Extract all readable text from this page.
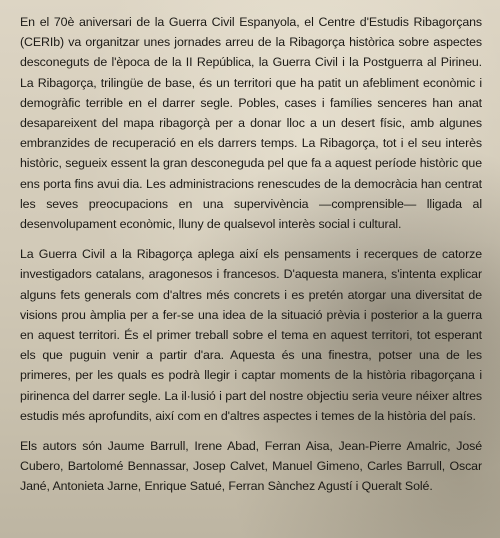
En el 70è aniversari de la Guerra Civil Espanyola, el Centre d'Estudis Ribagorçans (CERIb) va organitzar unes jornades arreu de la Ribagorça històrica sobre aspectes desconeguts de l'època de la II República, la Guerra Civil i la Postguerra al Pirineu. La Ribagorça, trilingüe de base, és un territori que ha patit un afebliment econòmic i demogràfic terrible en el darrer segle. Pobles, cases i famílies senceres han anat desapareixent del mapa ribagorçà per a donar lloc a un desert físic, amb algunes embranzides de recuperació en els darrers temps. La Ribagorça, tot i el seu interès històric, segueix essent la gran desconeguda pel que fa a aquest període històric que ens porta fins avui dia. Les administracions renescudes de la democràcia han centrat les seves preocupacions en una supervivència —comprensible— lligada al desenvolupament econòmic, lluny de qualsevol interès social i cultural.

La Guerra Civil a la Ribagorça aplega així els pensaments i recerques de catorze investigadors catalans, aragonesos i francesos. D'aquesta manera, s'intenta explicar alguns fets generals com d'altres més concrets i es pretén atorgar una diversitat de visions prou àmplia per a fer-se una idea de la situació prèvia i posterior a la guerra en aquest territori. És el primer treball sobre el tema en aquest territori, tot esperant els que puguin venir a partir d'ara. Aquesta és una finestra, potser una de les primeres, per les quals es podrà llegir i captar moments de la història ribagorçana i pirinenca del darrer segle. La il·lusió i part del nostre objectiu seria veure néixer altres estudis més aprofundits, així com en d'altres aspectes i temes de la història del país.

Els autors són Jaume Barrull, Irene Abad, Ferran Aisa, Jean-Pierre Amalric, José Cubero, Bartolomé Bennassar, Josep Calvet, Manuel Gimeno, Carles Barrull, Oscar Jané, Antonieta Jarne, Enrique Satué, Ferran Sànchez Agustí i Queralt Solé.
